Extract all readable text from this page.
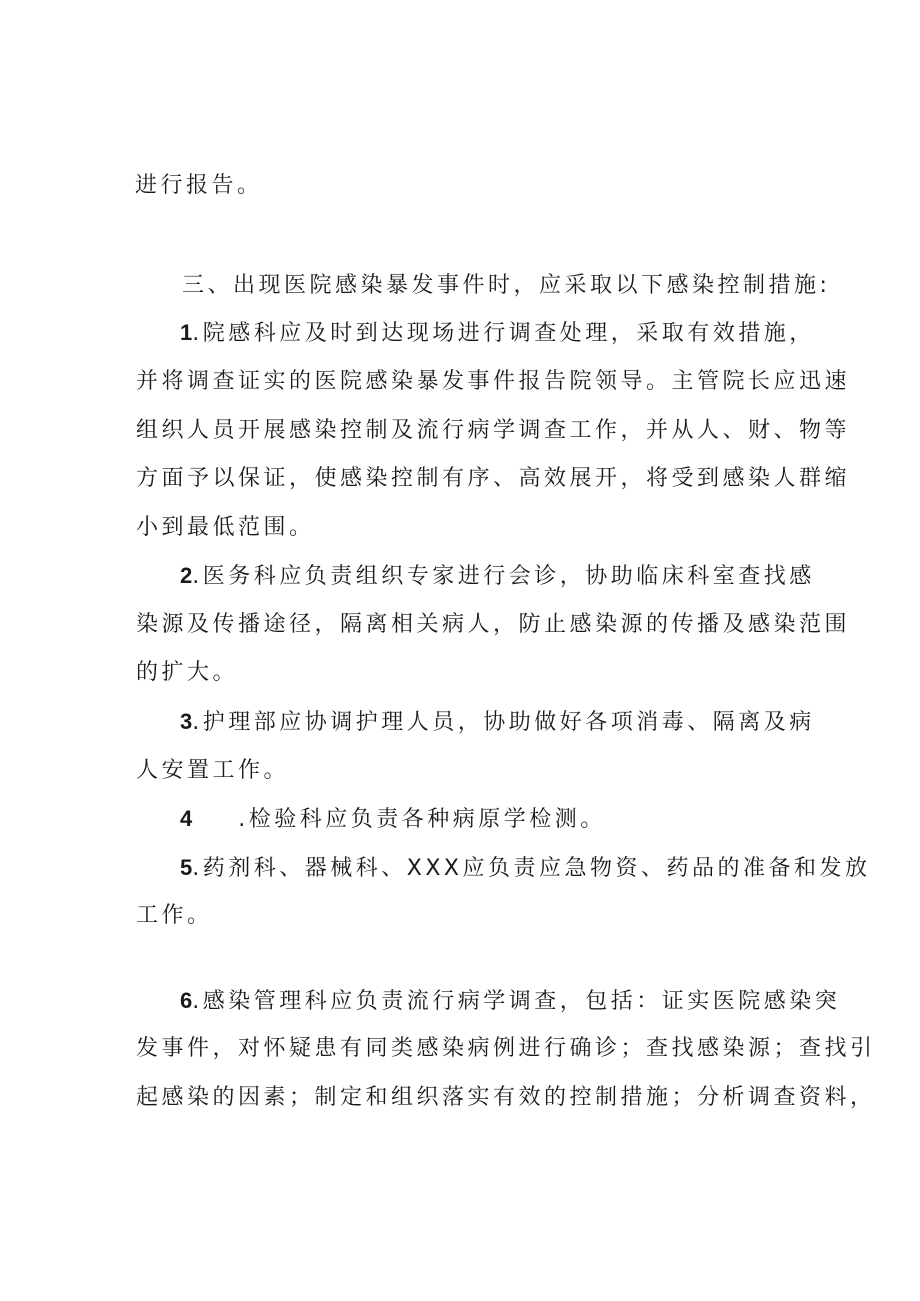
进行报告。
三、出现医院感染暴发事件时，应采取以下感染控制措施:
1.院感科应及时到达现场进行调查处理，采取有效措施，
并将调查证实的医院感染暴发事件报告院领导。主管院长应迅速
组织人员开展感染控制及流行病学调查工作，并从人、财、物等
方面予以保证，使感染控制有序、高效展开，将受到感染人群缩
小到最低范围。
2.医务科应负责组织专家进行会诊，协助临床科室查找感
染源及传播途径，隔离相关病人，防止感染源的传播及感染范围
的扩大。
3.护理部应协调护理人员，协助做好各项消毒、隔离及病
人安置工作。
4 .检验科应负责各种病原学检测。
5.药剂科、器械科、XXX应负责应急物资、药品的准备和发放
工作。
6.感染管理科应负责流行病学调查，包括：证实医院感染突
发事件，对怀疑患有同类感染病例进行确诊；查找感染源；查找引
起感染的因素；制定和组织落实有效的控制措施；分析调查资料，
